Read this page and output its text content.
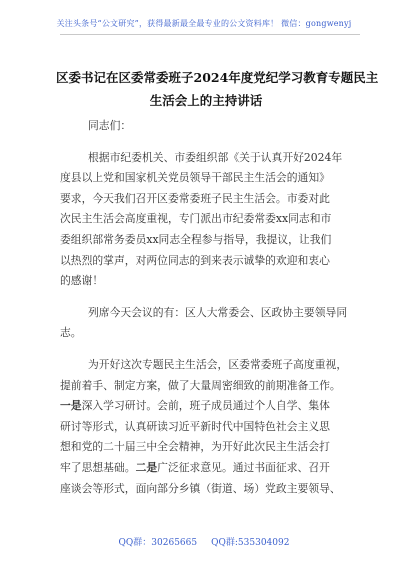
关注头条号“公文研究”，获得最新最全最专业的公文资料库！ 微信：gongwenyj
区委书记在区委常委班子2024年度党纪学习教育专题民主
生活会上的主持讲话

同志们：

根据市纪委机关、市委组织部《关于认真开好2024年
度县以上党和国家机关党员领导干部民主生活会的通知》
要求，今天我们召开区委常委班子民主生活会。市委对此
次民主生活会高度重视，专门派出市纪委常委xx同志和市
委组织部常务委员xx同志全程参与指导，我提议，让我们
以热烈的掌声，对两位同志的到来表示诚挚的欢迎和衷心
的感谢！

列席今天会议的有：区人大常委会、区政协主要领导同
志。

为开好这次专题民主生活会，区委常委班子高度重视，
提前着手、制定方案，做了大量周密细致的前期准备工作。
一是深入学习研讨。会前，班子成员通过个人自学、集体
研讨等形式，认真研读习近平新时代中国特色社会主义思
想和党的二十届三中全会精神，为开好此次民主生活会打
牢了思想基础。二是广泛征求意见。通过书面征求、召开
座谈会等形式，面向部分乡镇（街道、场）党政主要领导、

QQ群：30265665 QQ群:535304092
